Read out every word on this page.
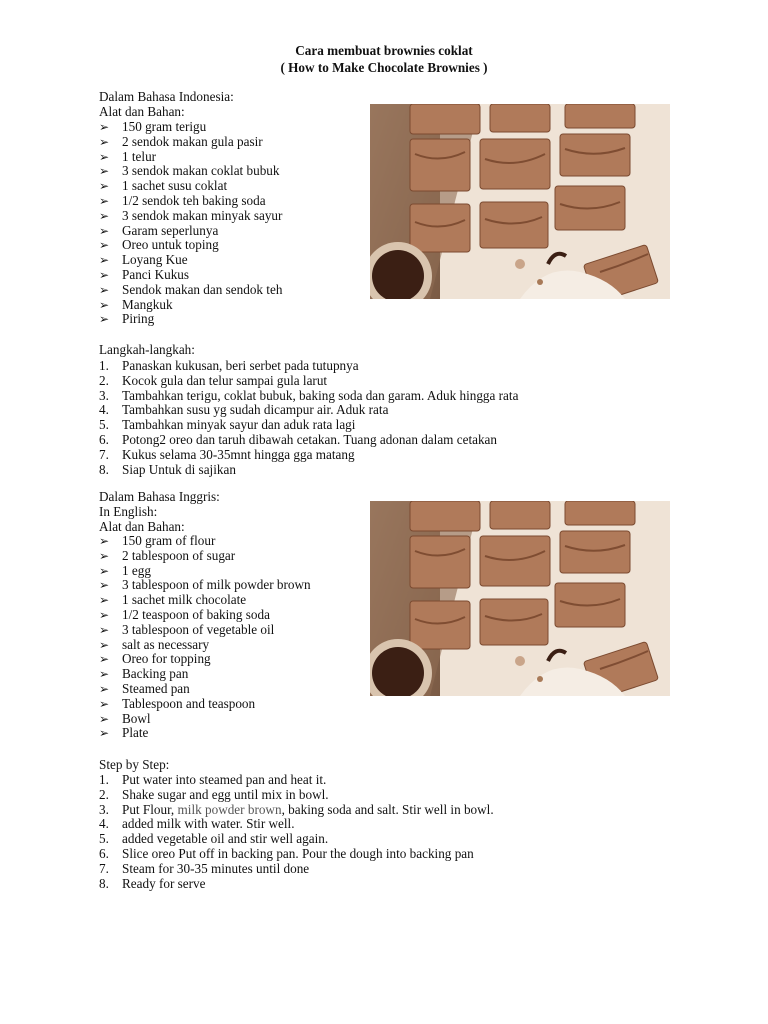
Cara membuat brownies coklat
( How to Make Chocolate Brownies )
Dalam Bahasa Indonesia:
Alat dan Bahan:
➢ 150 gram terigu
➢ 2 sendok makan gula pasir
➢ 1 telur
➢ 3 sendok makan coklat bubuk
➢ 1 sachet susu coklat
➢ 1/2 sendok teh baking soda
➢ 3 sendok makan minyak sayur
➢ Garam seperlunya
➢ Oreo untuk toping
➢ Loyang Kue
➢ Panci Kukus
➢ Sendok makan dan sendok teh
➢ Mangkuk
➢ Piring
Langkah-langkah:
1. Panaskan kukusan, beri serbet pada tutupnya
2. Kocok gula dan telur sampai gula larut
3. Tambahkan terigu, coklat bubuk, baking soda dan garam. Aduk hingga rata
4. Tambahkan susu yg sudah dicampur air. Aduk rata
5. Tambahkan minyak sayur dan aduk rata lagi
6. Potong2 oreo dan taruh dibawah cetakan. Tuang adonan dalam cetakan
7. Kukus selama 30-35mnt hingga gga matang
8. Siap Untuk di sajikan
Dalam Bahasa Inggris:
In English:
Alat dan Bahan:
➢ 150 gram of flour
➢ 2 tablespoon of sugar
➢ 1 egg
➢ 3 tablespoon of milk powder brown
➢ 1 sachet milk chocolate
➢ 1/2 teaspoon of baking soda
➢ 3 tablespoon of vegetable oil
➢ salt as necessary
➢ Oreo for topping
➢ Backing pan
➢ Steamed pan
➢ Tablespoon and teaspoon
➢ Bowl
➢ Plate
Step by Step:
1. Put water into steamed pan and heat it.
2. Shake sugar and egg until mix in bowl.
3. Put Flour, milk powder brown, baking soda and salt. Stir well in bowl.
4. added milk with water. Stir well.
5. added vegetable oil and stir well again.
6. Slice oreo Put off in backing pan. Pour the dough into backing pan
7. Steam for 30-35 minutes until done
8. Ready for serve
